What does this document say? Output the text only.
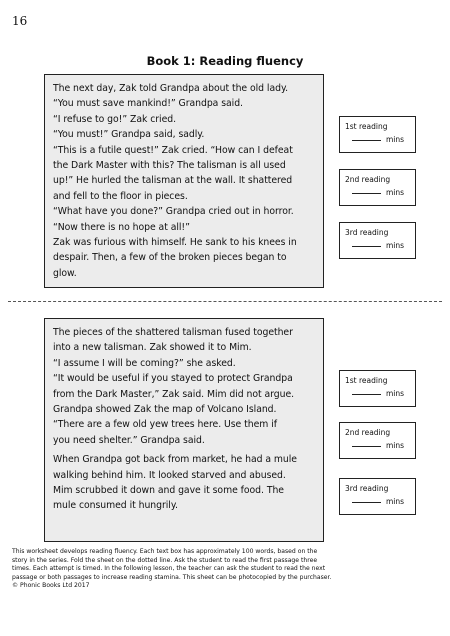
16
Book 1: Reading fluency

The next day, Zak told Grandpa about the old lady.

“You must save mankind!” Grandpa said.

“I refuse to go!” Zak cried.

“You must!” Grandpa said, sadly.

“This is a futile quest!” Zak cried. “How can I defeat

the Dark Master with this? The talisman is all used

up!” He hurled the talisman at the wall. It shattered

and fell to the floor in pieces.

“What have you done?” Grandpa cried out in horror.

“Now there is no hope at all!”

Zak was furious with himself. He sank to his knees in

despair. Then, a few of the broken pieces began to

glow.

1st reading
mins
2nd reading
mins
3rd reading
mins

The pieces of the shattered talisman fused together

into a new talisman. Zak showed it to Mim.

“I assume I will be coming?” she asked.

“It would be useful if you stayed to protect Grandpa

from the Dark Master,” Zak said. Mim did not argue.

Grandpa showed Zak the map of Volcano Island.

“There are a few old yew trees here. Use them if

you need shelter.” Grandpa said.

When Grandpa got back from market, he had a mule

walking behind him. It looked starved and abused.

Mim scrubbed it down and gave it some food. The

mule consumed it hungrily.

1st reading
mins
2nd reading
mins
3rd reading
mins

This worksheet develops reading fluency. Each text box has approximately 100 words, based on the

story in the series. Fold the sheet on the dotted line. Ask the student to read the first passage three

times. Each attempt is timed. In the following lesson, the teacher can ask the student to read the next

passage or both passages to increase reading stamina. This sheet can be photocopied by the purchaser.

© Phonic Books Ltd 2017
